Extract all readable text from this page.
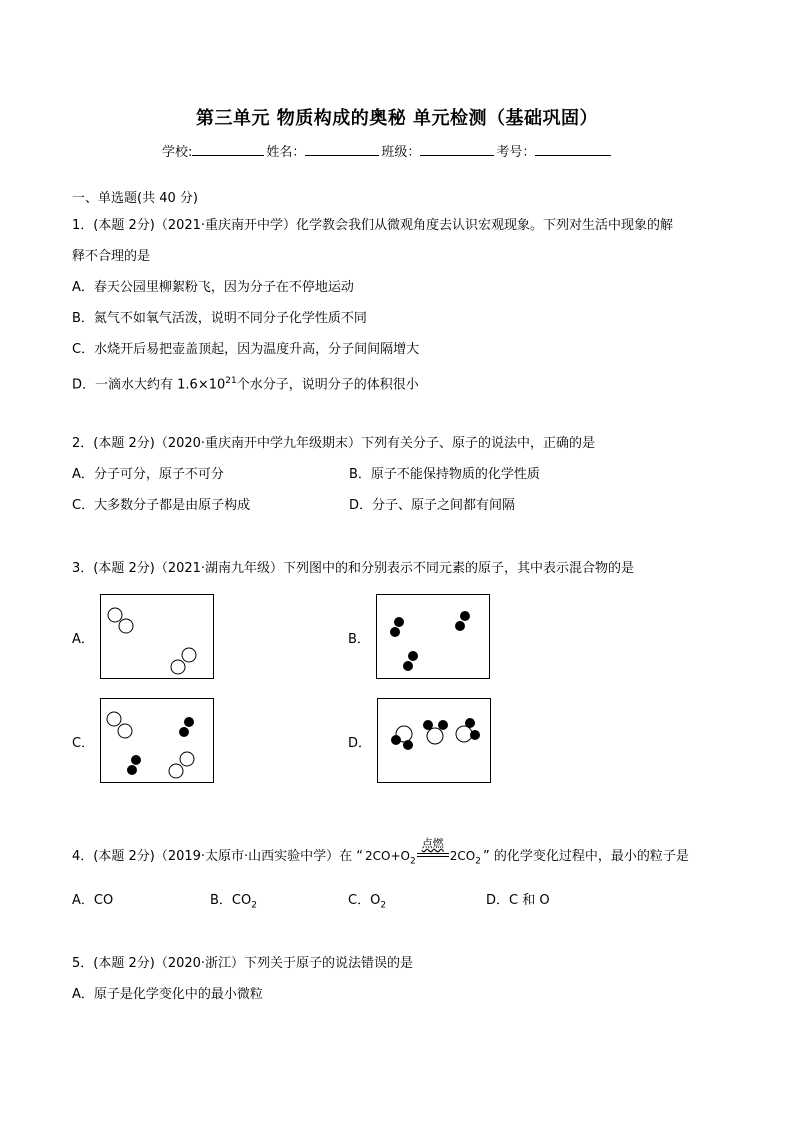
第三单元 物质构成的奥秘 单元检测（基础巩固）
学校:	姓名：	班级：	考号：
一、单选题(共 40 分)
1．(本题 2分)（2021·重庆南开中学）化学教会我们从微观角度去认识宏观现象。下列对生活中现象的解
释不合理的是
A．春天公园里柳絮粉飞，因为分子在不停地运动
B．氮气不如氧气活泼，说明不同分子化学性质不同
C．水烧开后易把壶盖顶起，因为温度升高，分子间间隔增大
D．一滴水大约有 $1.6\times 10^{21}$个水分子，说明分子的体积很小
2．(本题 2分)（2020·重庆南开中学九年级期末）下列有关分子、原子的说法中，正确的是
A．分子可分，原子不可分	B．原子不能保持物质的化学性质
C．大多数分子都是由原子构成	D．分子、原子之间都有间隔
3．(本题 2分)（2021·湖南九年级）下列图中的和分别表示不同元素的原子，其中表示混合物的是
A．	B．
C．	D．
4．(本题 2分)（2019·太原市·山西实验中学）在 “ $2CO+O_2$
点燃
$2CO_2$ ” 的化学变化过程中，最小的粒子是
A．CO	B．$CO_2$	C．$O_2$	D．C 和 O
5．(本题 2分)（2020·浙江）下列关于原子的说法错误的是
A．原子是化学变化中的最小微粒
